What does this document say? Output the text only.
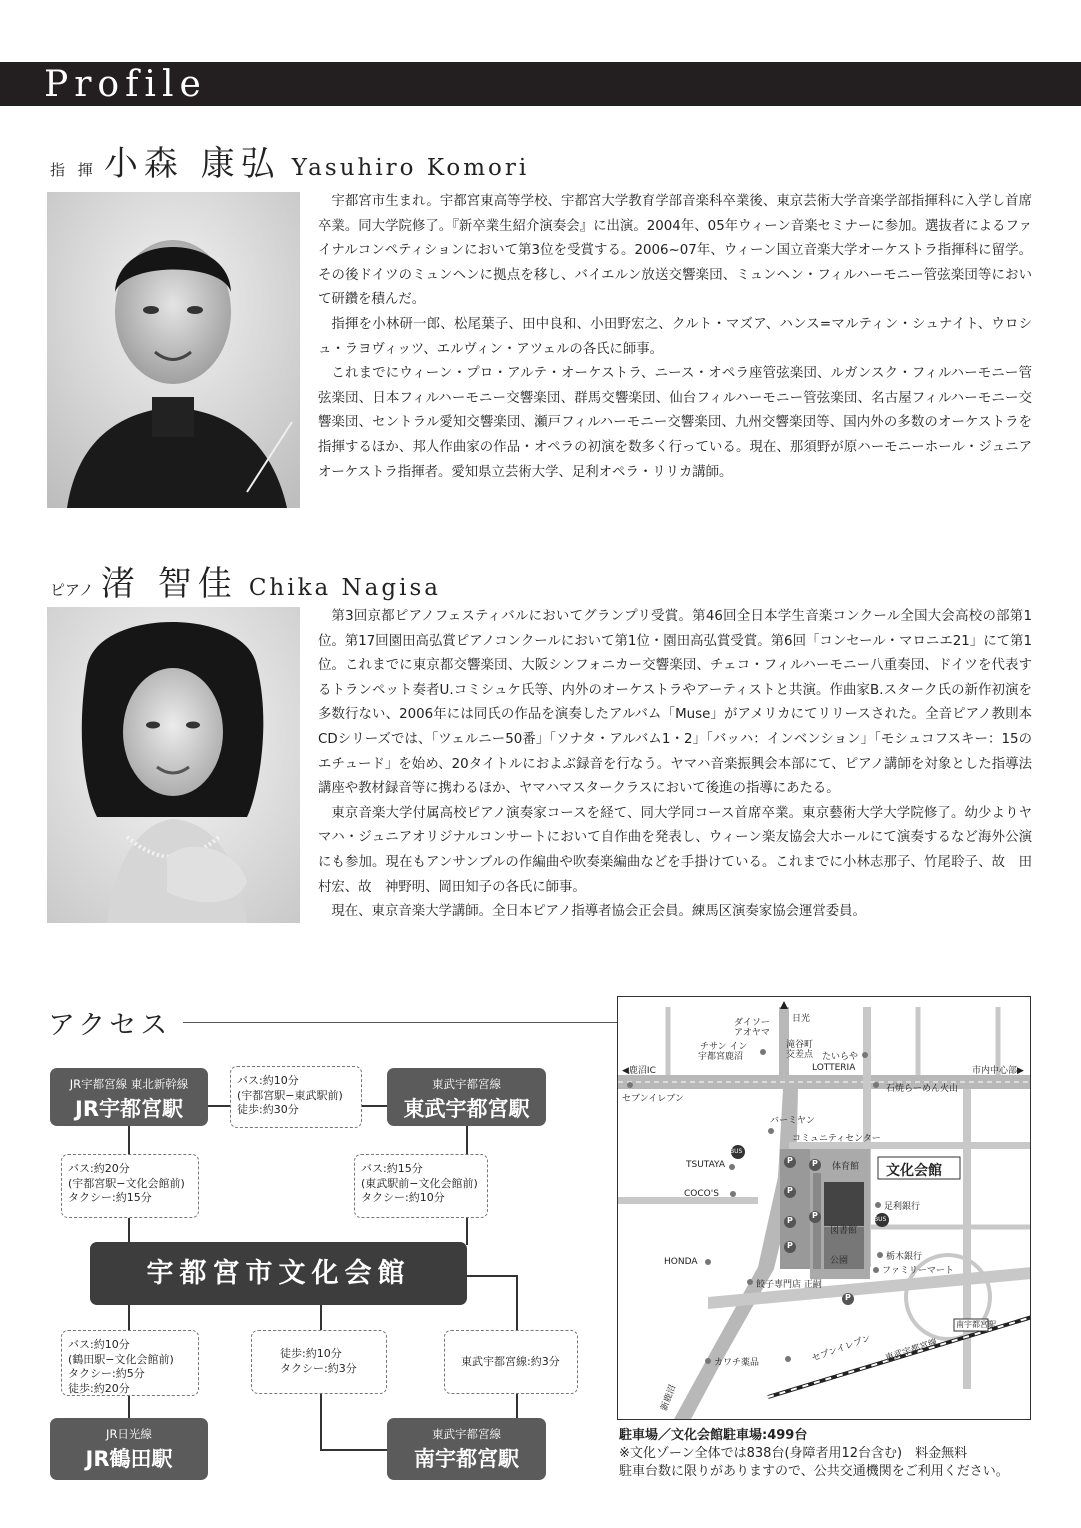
Profile
指 揮 小森 康弘 Yasuhiro Komori

宇都宮市生まれ。宇都宮東高等学校、宇都宮大学教育学部音楽科卒業後、東京芸術大学音楽学部指揮科に入学し首席卒業。同大学院修了。『新卒業生紹介演奏会』に出演。2004年、05年ウィーン音楽セミナーに参加。選抜者によるファイナルコンペティションにおいて第3位を受賞する。2006~07年、ウィーン国立音楽大学オーケストラ指揮科に留学。その後ドイツのミュンヘンに拠点を移し、バイエルン放送交響楽団、ミュンヘン・フィルハーモニー管弦楽団等において研鑽を積んだ。

指揮を小林研一郎、松尾葉子、田中良和、小田野宏之、クルト・マズア、ハンス=マルティン・シュナイト、ウロシュ・ラヨヴィッツ、エルヴィン・アツェルの各氏に師事。

これまでにウィーン・プロ・アルテ・オーケストラ、ニース・オペラ座管弦楽団、ルガンスク・フィルハーモニー管弦楽団、日本フィルハーモニー交響楽団、群馬交響楽団、仙台フィルハーモニー管弦楽団、名古屋フィルハーモニー交響楽団、セントラル愛知交響楽団、瀬戸フィルハーモニー交響楽団、九州交響楽団等、国内外の多数のオーケストラを指揮するほか、邦人作曲家の作品・オペラの初演を数多く行っている。現在、那須野が原ハーモニーホール・ジュニアオーケストラ指揮者。愛知県立芸術大学、足利オペラ・リリカ講師。

ピアノ 渚 智佳 Chika Nagisa

第3回京都ピアノフェスティバルにおいてグランプリ受賞。第46回全日本学生音楽コンクール全国大会高校の部第1位。第17回園田高弘賞ピアノコンクールにおいて第1位・園田高弘賞受賞。第6回「コンセール・マロニエ21」にて第1位。これまでに東京都交響楽団、大阪シンフォニカー交響楽団、チェコ・フィルハーモニー八重奏団、ドイツを代表するトランペット奏者U.コミシュケ氏等、内外のオーケストラやアーティストと共演。作曲家B.スターク氏の新作初演を多数行ない、2006年には同氏の作品を演奏したアルバム「Muse」がアメリカにてリリースされた。全音ピアノ教則本CDシリーズでは、「ツェルニー50番」「ソナタ・アルバム1・2」「バッハ：インベンション」「モシュコフスキー：15のエチュード」を始め、20タイトルにおよぶ録音を行なう。ヤマハ音楽振興会本部にて、ピアノ講師を対象とした指導法講座や教材録音等に携わるほか、ヤマハマスタークラスにおいて後進の指導にあたる。

東京音楽大学付属高校ピアノ演奏家コースを経て、同大学同コース首席卒業。東京藝術大学大学院修了。幼少よりヤマハ・ジュニアオリジナルコンサートにおいて自作曲を発表し、ウィーン楽友協会大ホールにて演奏するなど海外公演にも参加。現在もアンサンブルの作編曲や吹奏楽編曲などを手掛けている。これまでに小林志那子、竹尾聆子、故　田村宏、故　神野明、岡田知子の各氏に師事。

現在、東京音楽大学講師。全日本ピアノ指導者協会正会員。練馬区演奏家協会運営委員。

アクセス
JR宇都宮線 東北新幹線
JR宇都宮駅
東武宇都宮線
東武宇都宮駅
JR日光線
JR鶴田駅
東武宇都宮線
南宇都宮駅
宇都宮市文化会館
バス:約10分
(宇都宮駅−東武駅前)
徒歩:約30分
バス:約20分
(宇都宮駅−文化会館前)
タクシー:約15分
バス:約15分
(東武駅前−文化会館前)
タクシー:約10分
バス:約10分
(鶴田駅−文化会館前)
タクシー:約5分
徒歩:約20分
徒歩:約10分
タクシー:約3分	東武宇都宮線:約3分
日光
ダイソー
アオヤマ
滝谷町
交差点
チサン イン
宇都宮鹿沼
◀鹿沼IC	市内中心部▶
セブンイレブン
たいらや
LOTTERIA
石焼らーめん火山
バーミヤン
コミュニティセンター
TSUTAYA	体育館 文化会館
COCO'S
足利銀行
図書館
公園
HONDA	栃木銀行
ファミリーマート
餃子専門店 正嗣
セブンイレブン
カワチ薬品	東武宇都宮線
南宇都宮駅
新鹿沼
BUS
BUS
P
P
P
P
P
P
P
駐車場／文化会館駐車場:499台
※文化ゾーン全体では838台(身障者用12台含む)　料金無料
駐車台数に限りがありますので、公共交通機関をご利用ください。
